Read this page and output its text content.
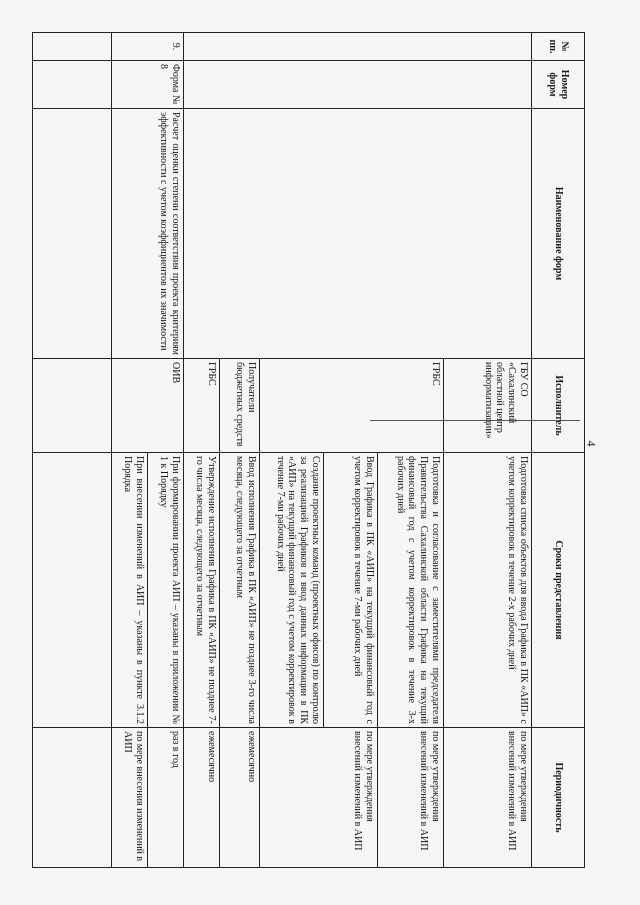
4
№ пп.	Номер форм	Наименование форм	Исполнитель	Сроки представления	Периодичность
			ГБУ СО «Сахалинский областной центр информатизации»	Подготовка списка объектов для ввода Графика в ПК «АИП» с учетом корректировок в течение 2-х рабочих дней	по мере утверждения внесений изменений в АИП
			ГРБС	Подготовка и согласование с заместителями председателя Правительства Сахалинской области Графика на текущий финансовый год с учетом корректировок в течение 3-х рабочих дней	по мере утверждения внесений изменений в АИП
				Ввод Графика в ПК «АИП» на текущий финансовый год с учетом корректировок в течение 7-ми рабочих дней	по мере утверждения внесений изменений в АИП
				Создание проектных команд (проектных офисов) по контролю за реализацией Графиков и ввод данных информации в ПК «АИП» на текущий финансовый год с учетом корректировок в течение 7-ми рабочих дней	
			Получатели бюджетных средств	Ввод исполнения Графика в ПК «АИП» не позднее 3-го числа месяца, следующего за отчетным	ежемесячно
			ГРБС	Утверждение исполнения Графика в ПК «АИП» не позднее 7-го числа месяца, следующего за отчетным	ежемесячно
9.	Форма № 8	Расчет оценки степени соответствия проекта критериям эффективности с учетом коэффициентов их значимости	ОИВ	При формировании проекта АИП – указаны в приложении № 1 к Порядку	раз в год
				При внесении изменений в АИП – указаны в пункте 3.1.2 Порядка	по мере внесения изменений в АИП
